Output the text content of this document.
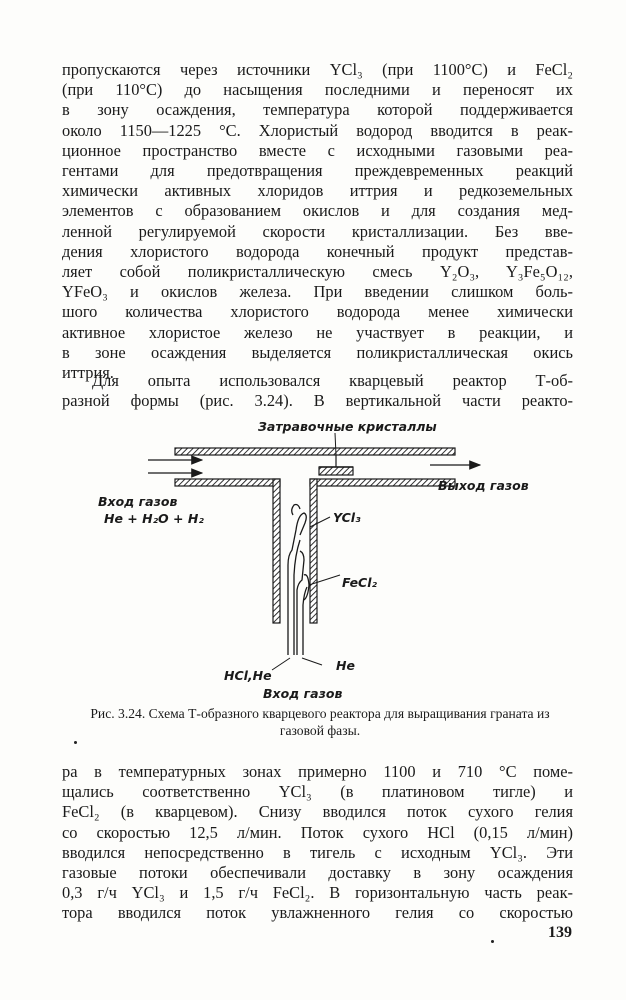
пропускаются через источники YCl₃ (при 1100°С) и FeCl₂
(при 110°С) до насыщения последними и переносят их
в зону осаждения, температура которой поддерживается
около 1150—1225 °С. Хлористый водород вводится в реак-
ционное пространство вместе с исходными газовыми реа-
гентами для предотвращения преждевременных реакций
химически активных хлоридов иттрия и редкоземельных
элементов с образованием окислов и для создания мед-
ленной регулируемой скорости кристаллизации. Без вве-
дения хлористого водорода конечный продукт представ-
ляет собой поликристаллическую смесь Y₂O₃, Y₃Fe₅O₁₂,
YFeO₃ и окислов железа. При введении слишком боль-
шого количества хлористого водорода менее химически
активное хлористое железо не участвует в реакции, и
в зоне осаждения выделяется поликристаллическая окись
иттрия.
Для опыта использовался кварцевый реактор Т-об-
разной формы (рис. 3.24). В вертикальной части реакто-
Затравочные кристаллы
Вход газов
He + H₂O + H₂
Выход газов
YCl₃
FeCl₂
HCl,He
He
Вход газов

Рис. 3.24. Схема Т-образного кварцевого реактора для выращивания граната из газовой фазы.

ра в температурных зонах примерно 1100 и 710 °С поме-
щались соответственно YCl₃ (в платиновом тигле) и
FeCl₂ (в кварцевом). Снизу вводился поток сухого гелия
со скоростью 12,5 л/мин. Поток сухого HCl (0,15 л/мин)
вводился непосредственно в тигель с исходным YCl₃. Эти
газовые потоки обеспечивали доставку в зону осаждения
0,3 г/ч YCl₃ и 1,5 г/ч FeCl₂. В горизонтальную часть реак-
тора вводился поток увлажненного гелия со скоростью
139
